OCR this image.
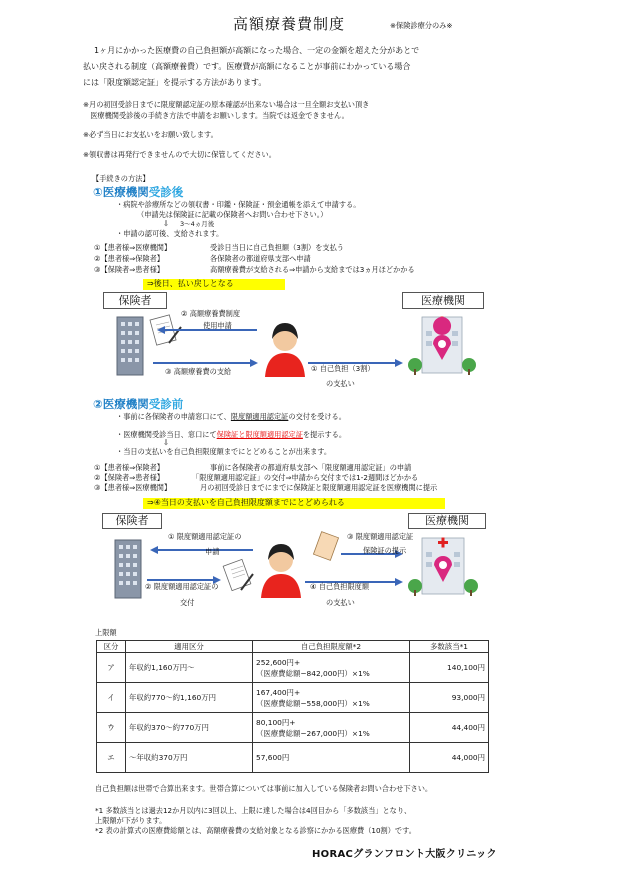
高額療養費制度	※保険診療分のみ※
1ヶ月にかかった医療費の自己負担額が高額になった場合、一定の金額を超えた分があとで
払い戻される制度（高額療養費）です。医療費が高額になることが事前にわかっている場合
には「限度額認定証」を提示する方法があります。
※月の初回受診日までに限度額認定証の原本確認が出来ない場合は一旦全額お支払い頂き
　医療機関受診後の手続き方法で申請をお願いします。当院では返金できません。
※必ず当日にお支払いをお願い致します。
※領収書は再発行できませんので大切に保管してください。
【手続きの方法】
①医療機関受診後
・病院や診療所などの領収書・印鑑・保険証・預金通帳を添えて申請する。
（申請先は保険証に記載の保険者へお問い合わせ下さい。）
⇩ 3～4ヵ月後
・申請の認可後、支給されます。
①【患者様⇒医療機関】	受診日当日に自己負担額（3割）を支払う
②【患者様⇒保険者】	各保険者の都道府県支部へ申請
③【保険者⇒患者様】	高額療養費が支給される⇒申請から支給までは3ヵ月ほどかかる
⇒後日、払い戻しとなる
保険者	医療機関
② 高額療養費制度
使用申請
③ 高額療養費の支給	① 自己負担（3割）
の支払い
②医療機関受診前
・事前に各保険者の申請窓口にて、限度額適用認定証の交付を受ける。
・医療機関受診当日、窓口にて保険証と限度額適用認定証を提示する。
⇩
・当日の支払いを自己負担限度額までにとどめることが出来ます。
①【患者様⇒保険者】	事前に各保険者の都道府県支部へ「限度額適用認定証」の申請
②【保険者⇒患者様】	「限度額適用認定証」の交付⇒申請から交付までは1-2週間ほどかかる
③【患者様⇒医療機関】	月の初回受診日までにまでに保険証と限度額適用認定証を医療機関に提示
⇒④当日の支払いを自己負担限度額までにとどめられる
保険者	医療機関
① 限度額適用認定証の
申請
② 限度額適用認定証の
交付
③ 限度額適用認定証
保険証の提示
④ 自己負担限度額
の支払い
上限額
区分	適用区分	自己負担限度額*2	多数該当*1
ア	年収約1,160万円～	252,600円+
（医療費総額−842,000円）×1%	140,100円
イ	年収約770～約1,160万円	167,400円+
（医療費総額−558,000円）×1%	93,000円
ウ	年収約370～約770万円	80,100円+
（医療費総額−267,000円）×1%	44,400円
エ	～年収約370万円	57,600円	44,000円
自己負担額は世帯で合算出来ます。世帯合算については事前に加入している保険者お問い合わせ下さい。
*1 多数該当とは過去12か月以内に3回以上、上限に達した場合は4回目から「多数該当」となり、
上限額が下がります。
*2 表の計算式の医療費総額とは、高額療養費の支給対象となる診察にかかる医療費（10割）です。
HORACグランフロント大阪クリニック
